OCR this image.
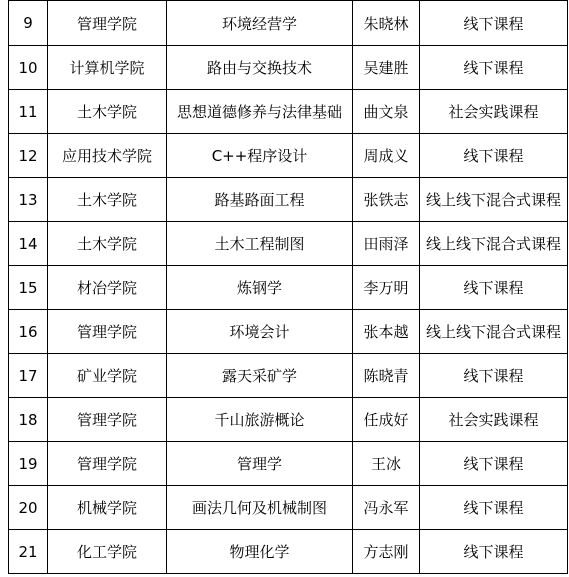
9	管理学院	环境经营学	朱晓林	线下课程
10	计算机学院	路由与交换技术	吴建胜	线下课程
11	土木学院	思想道德修养与法律基础	曲文泉	社会实践课程
12	应用技术学院	C++程序设计	周成义	线下课程
13	土木学院	路基路面工程	张铁志	线上线下混合式课程
14	土木学院	土木工程制图	田雨泽	线上线下混合式课程
15	材冶学院	炼钢学	李万明	线下课程
16	管理学院	环境会计	张本越	线上线下混合式课程
17	矿业学院	露天采矿学	陈晓青	线下课程
18	管理学院	千山旅游概论	任成好	社会实践课程
19	管理学院	管理学	王冰	线下课程
20	机械学院	画法几何及机械制图	冯永军	线下课程
21	化工学院	物理化学	方志刚	线下课程
